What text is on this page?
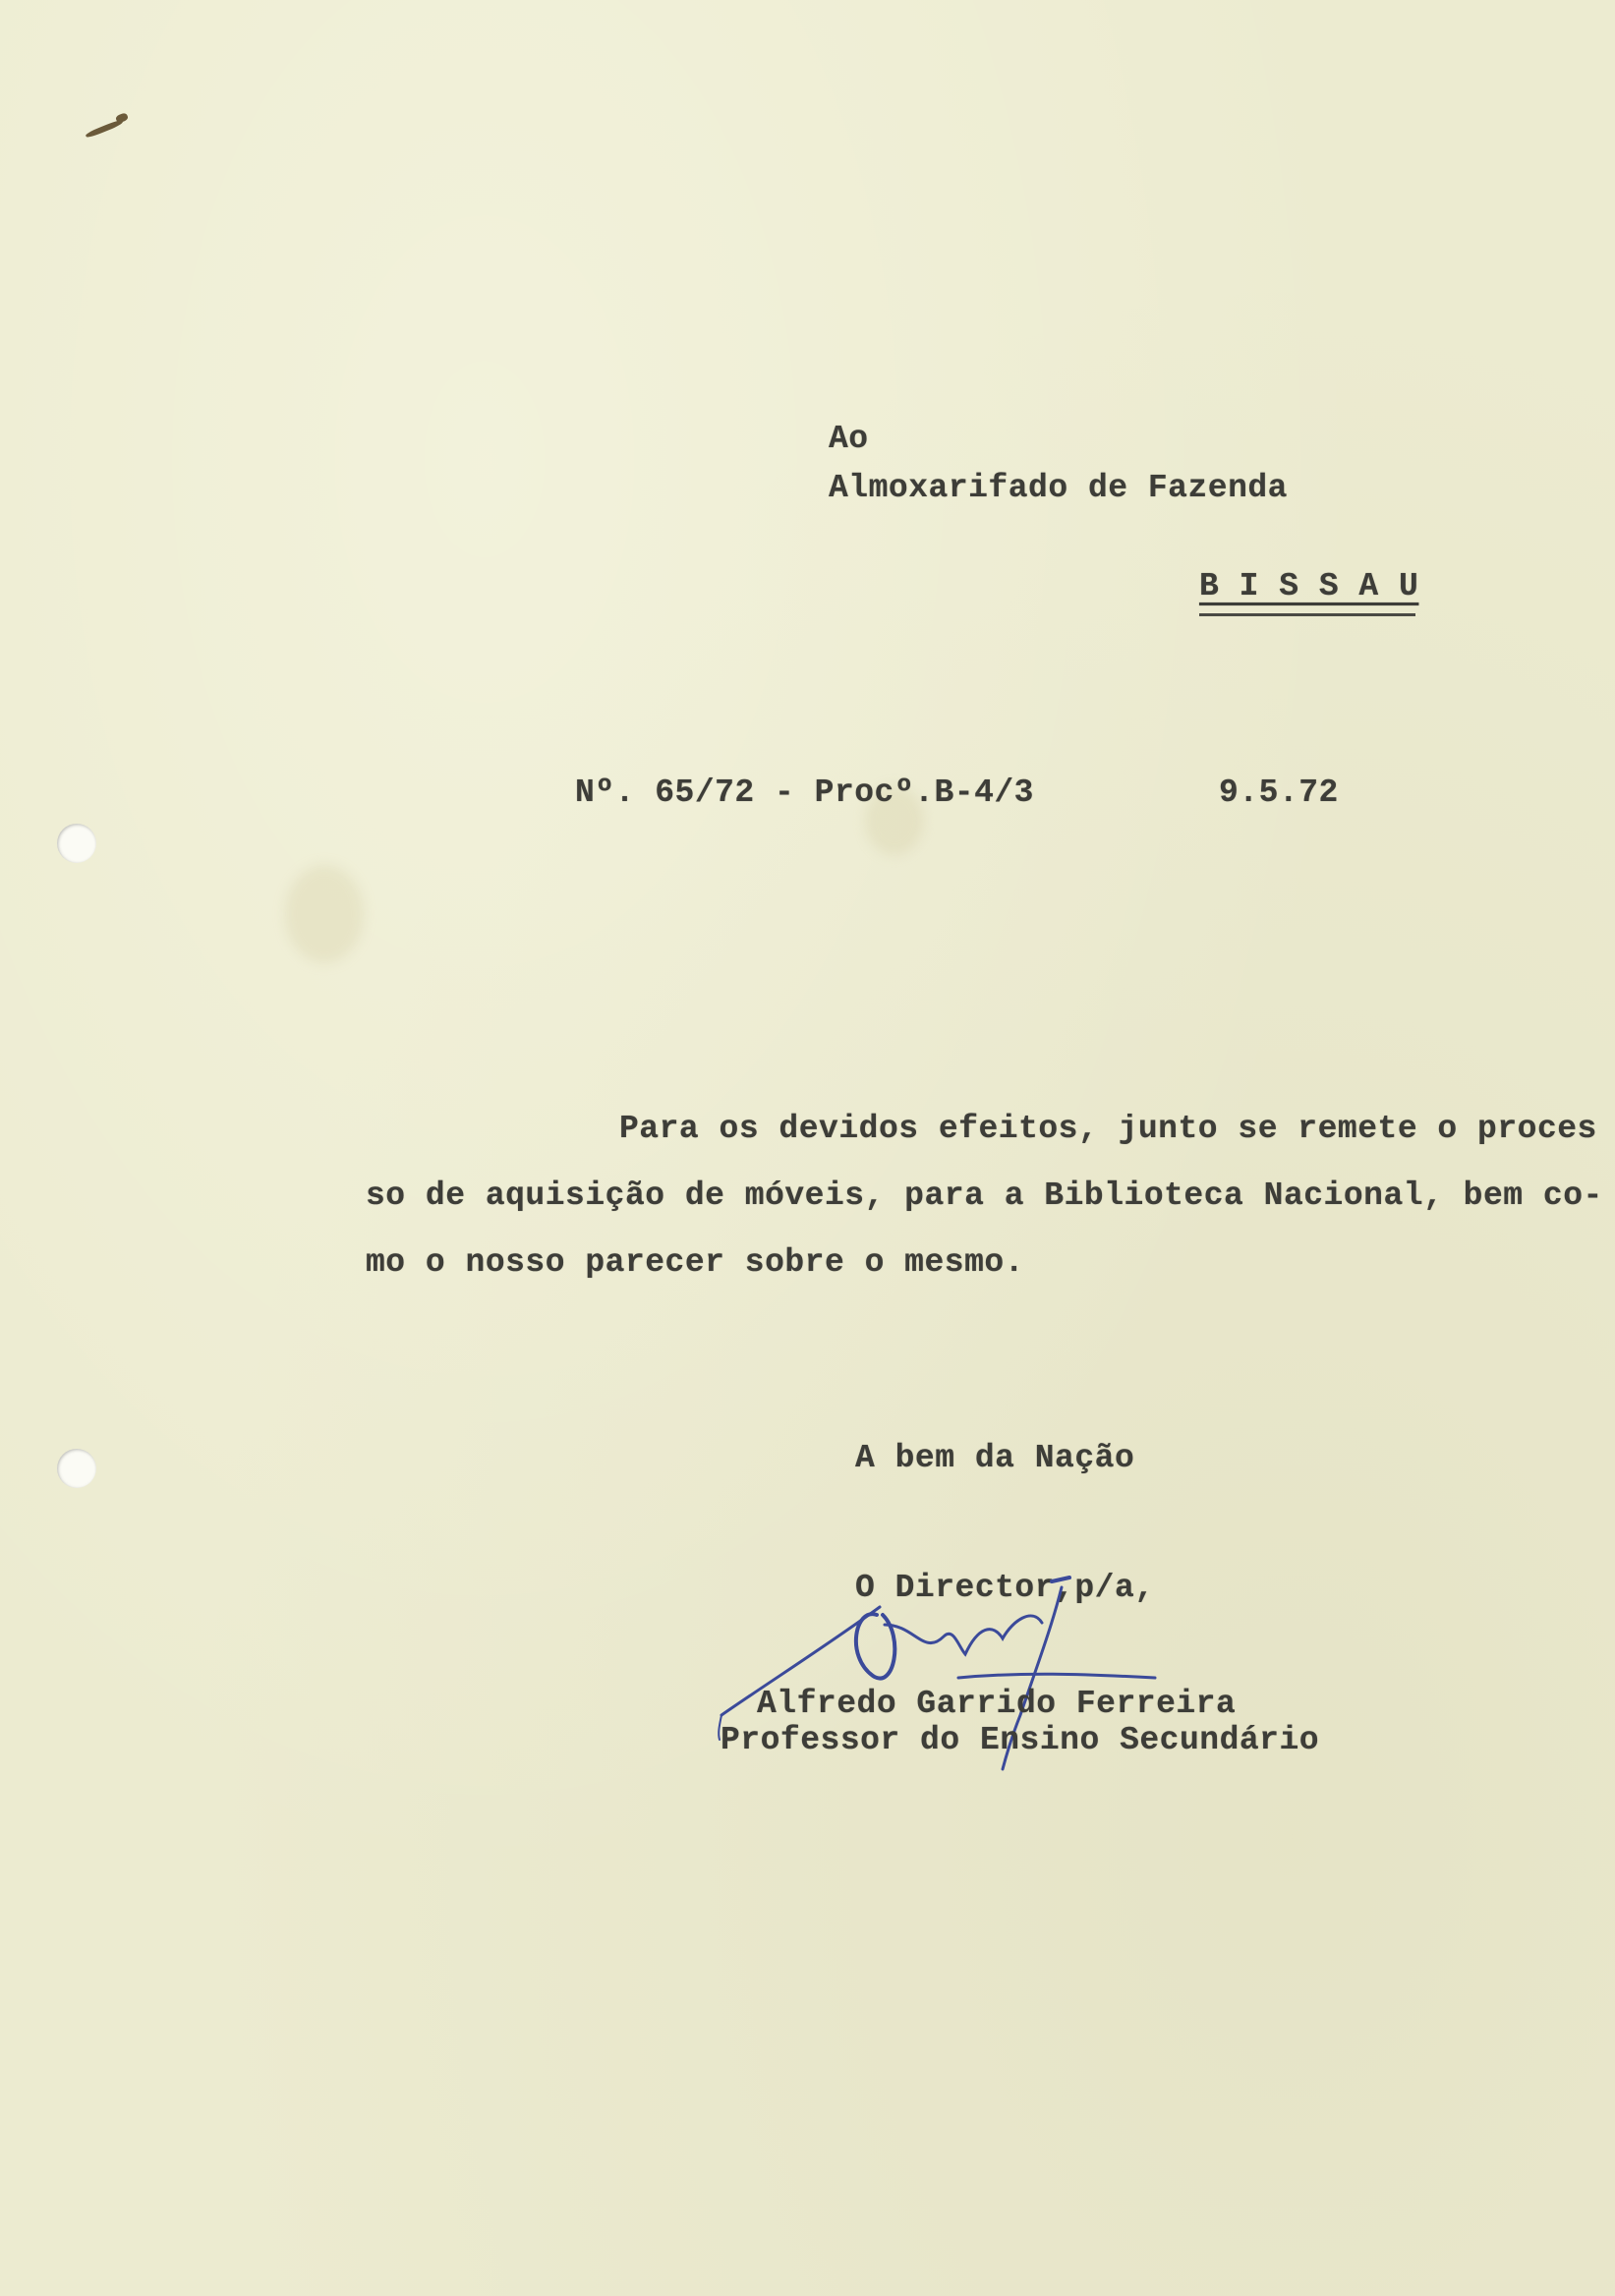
Ao
Almoxarifado de Fazenda
B I S S A U
Nº. 65/72 - Procº.B-4/3	9.5.72
Para os devidos efeitos, junto se remete o proces
so de aquisição de móveis, para a Biblioteca Nacional, bem co-
mo o nosso parecer sobre o mesmo.
A bem da Nação
O Director,p/a,
Alfredo Garrido Ferreira
Professor do Ensino Secundário
